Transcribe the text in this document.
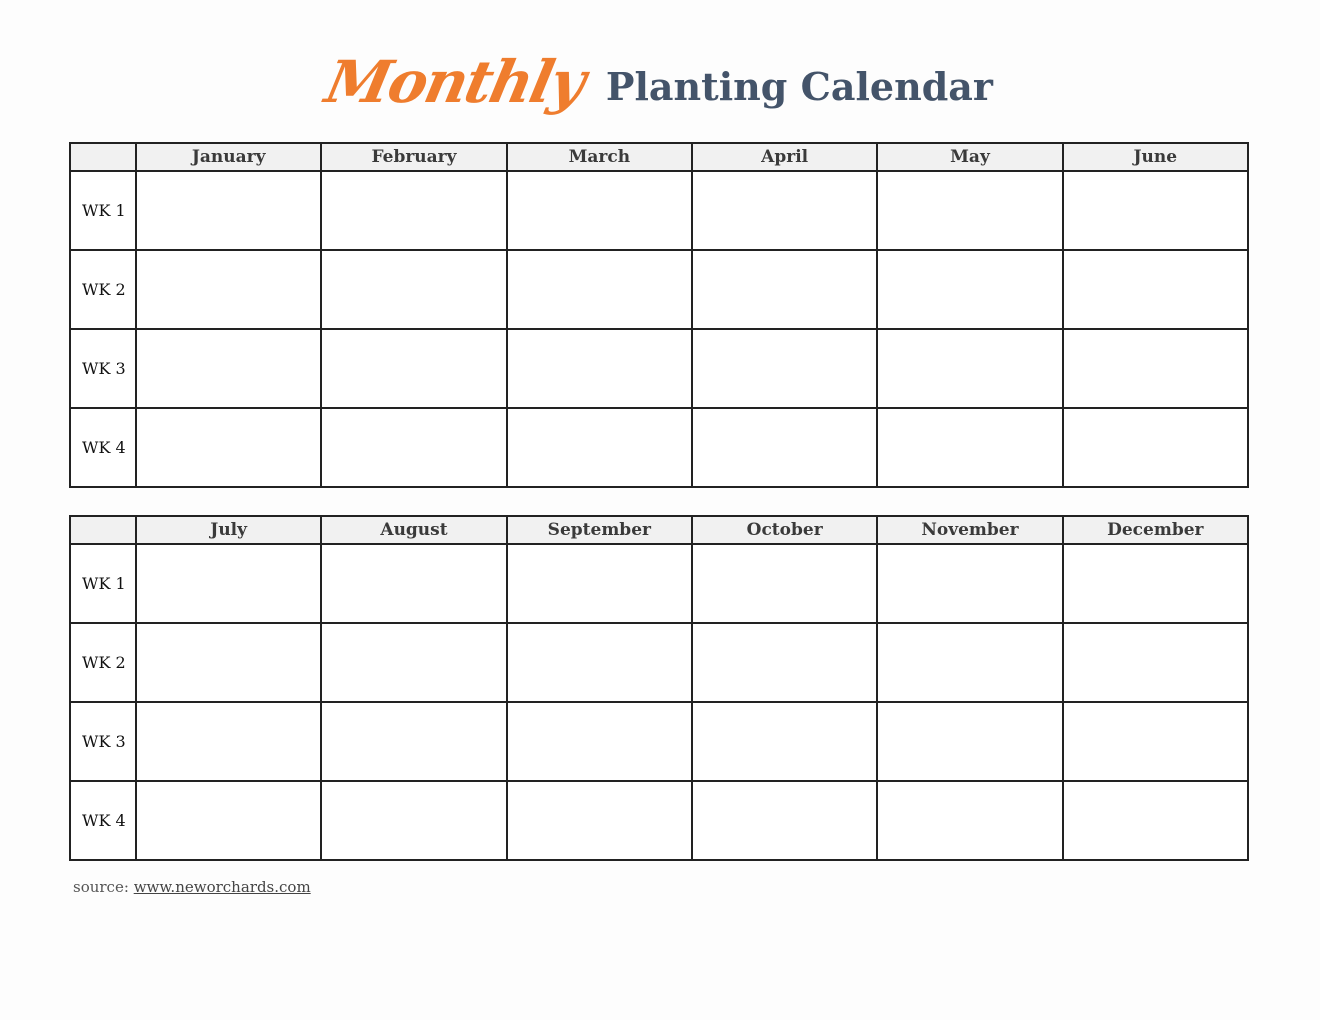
Monthly Planting Calendar
	January	February	March	April	May	June
WK 1						
WK 2						
WK 3						
WK 4						
	July	August	September	October	November	December
WK 1						
WK 2						
WK 3						
WK 4						
source: www.neworchards.com
